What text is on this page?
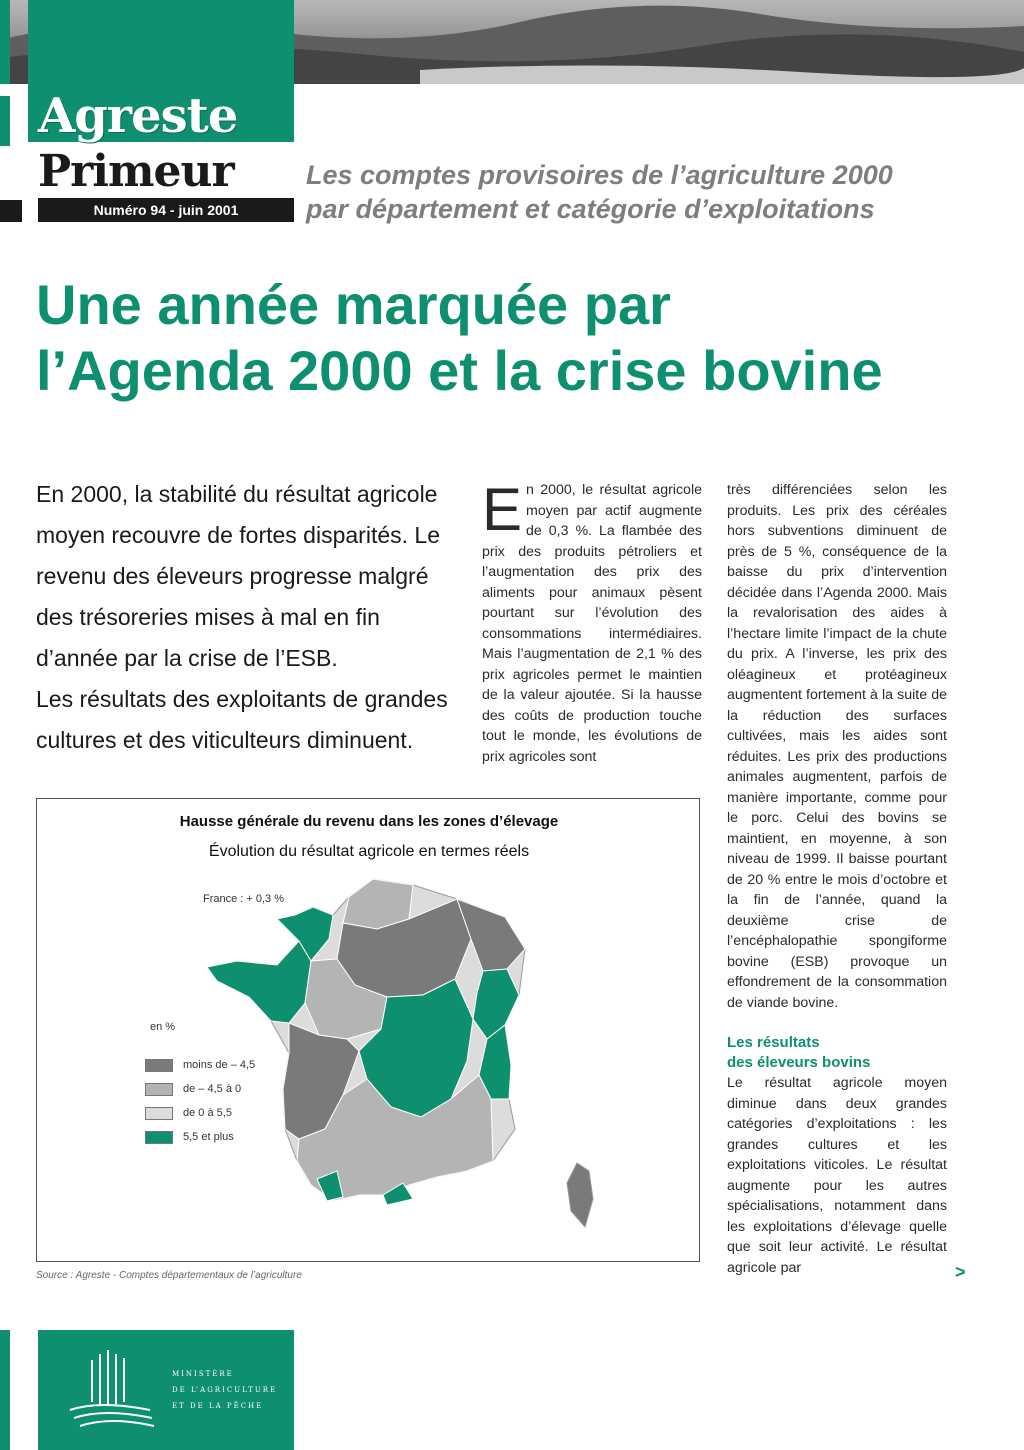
Agreste
Primeur
Numéro 94 - juin 2001
Les comptes provisoires de l’agriculture 2000
par département et catégorie d’exploitations
Une année marquée par
l’Agenda 2000 et la crise bovine

En 2000, la stabilité du résultat agricole moyen recouvre de fortes disparités. Le revenu des éleveurs progresse malgré des trésoreries mises à mal en fin d’année par la crise de l’ESB.

Les résultats des exploitants de grandes cultures et des viticulteurs diminuent.

E n 2000, le résultat agricole moyen par actif augmente de 0,3 %. La flambée des prix des produits pétroliers et l’augmentation des prix des aliments pour animaux pèsent pourtant sur l’évolution des consommations intermédiaires. Mais l’augmentation de 2,1 % des prix agricoles permet le maintien de la valeur ajoutée. Si la hausse des coûts de production touche tout le monde, les évolutions de prix agricoles sont
très différenciées selon les produits. Les prix des céréales hors subventions diminuent de près de 5 %, conséquence de la baisse du prix d’intervention décidée dans l’Agenda 2000. Mais la revalorisation des aides à l’hectare limite l’impact de la chute du prix. A l’inverse, les prix des oléagineux et protéagineux augmentent fortement à la suite de la réduction des surfaces cultivées, mais les aides sont réduites. Les prix des productions animales augmentent, parfois de manière importante, comme pour le porc. Celui des bovins se maintient, en moyenne, à son niveau de 1999. Il baisse pourtant de 20 % entre le mois d’octobre et la fin de l’année, quand la deuxième crise de l’encéphalopathie spongiforme bovine (ESB) provoque un effondrement de la consommation de viande bovine.
Les résultats
des éleveurs bovins
Le résultat agricole moyen diminue dans deux grandes catégories d’exploitations : les grandes cultures et les exploitations viticoles. Le résultat augmente pour les autres spécialisations, notamment dans les exploitations d’élevage quelle que soit leur activité. Le résultat agricole par	>
Hausse générale du revenu dans les zones d’élevage
Évolution du résultat agricole en termes réels
France : + 0,3 %
en %
moins de – 4,5
de – 4,5 à 0
de 0 à 5,5
5,5 et plus
Source : Agreste - Comptes départementaux de l’agriculture
MINISTÈRE
DE L’AGRICULTURE
ET DE LA PÊCHE
